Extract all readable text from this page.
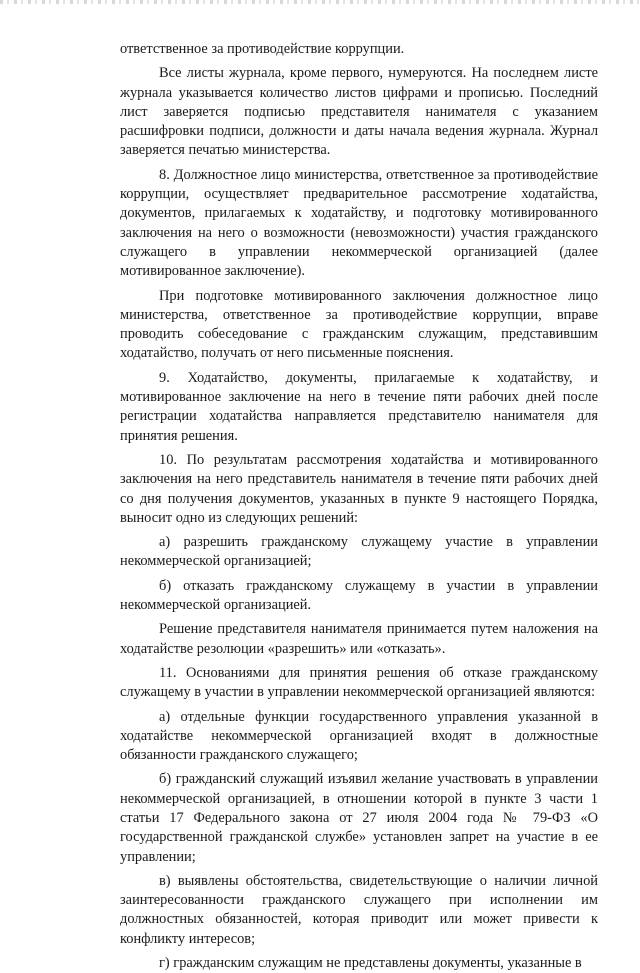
ответственное за противодействие коррупции.

Все листы журнала, кроме первого, нумеруются. На последнем листе журнала указывается количество листов цифрами и прописью. Последний лист заверяется подписью представителя нанимателя с указанием расшифровки подписи, должности и даты начала ведения журнала. Журнал заверяется печатью министерства.

8. Должностное лицо министерства, ответственное за противодействие коррупции, осуществляет предварительное рассмотрение ходатайства, документов, прилагаемых к ходатайству, и подготовку мотивированного заключения на него о возможности (невозможности) участия гражданского служащего в управлении некоммерческой организацией (далее мотивированное заключение).

При подготовке мотивированного заключения должностное лицо министерства, ответственное за противодействие коррупции, вправе проводить собеседование с гражданским служащим, представившим ходатайство, получать от него письменные пояснения.

9. Ходатайство, документы, прилагаемые к ходатайству, и мотивированное заключение на него в течение пяти рабочих дней после регистрации ходатайства направляется представителю нанимателя для принятия решения.

10. По результатам рассмотрения ходатайства и мотивированного заключения на него представитель нанимателя в течение пяти рабочих дней со дня получения документов, указанных в пункте 9 настоящего Порядка, выносит одно из следующих решений:

а) разрешить гражданскому служащему участие в управлении некоммерческой организацией;

б) отказать гражданскому служащему в участии в управлении некоммерческой организацией.

Решение представителя нанимателя принимается путем наложения на ходатайстве резолюции «разрешить» или «отказать».

11. Основаниями для принятия решения об отказе гражданскому служащему в участии в управлении некоммерческой организацией являются:

а) отдельные функции государственного управления указанной в ходатайстве некоммерческой организацией входят в должностные обязанности гражданского служащего;

б) гражданский служащий изъявил желание участвовать в управлении некоммерческой организацией, в отношении которой в пункте 3 части 1 статьи 17 Федерального закона от 27 июля 2004 года № 79-ФЗ «О государственной гражданской службе» установлен запрет на участие в ее управлении;

в) выявлены обстоятельства, свидетельствующие о наличии личной заинтересованности гражданского служащего при исполнении им должностных обязанностей, которая приводит или может привести к конфликту интересов;

г) гражданским служащим не представлены документы, указанные в
